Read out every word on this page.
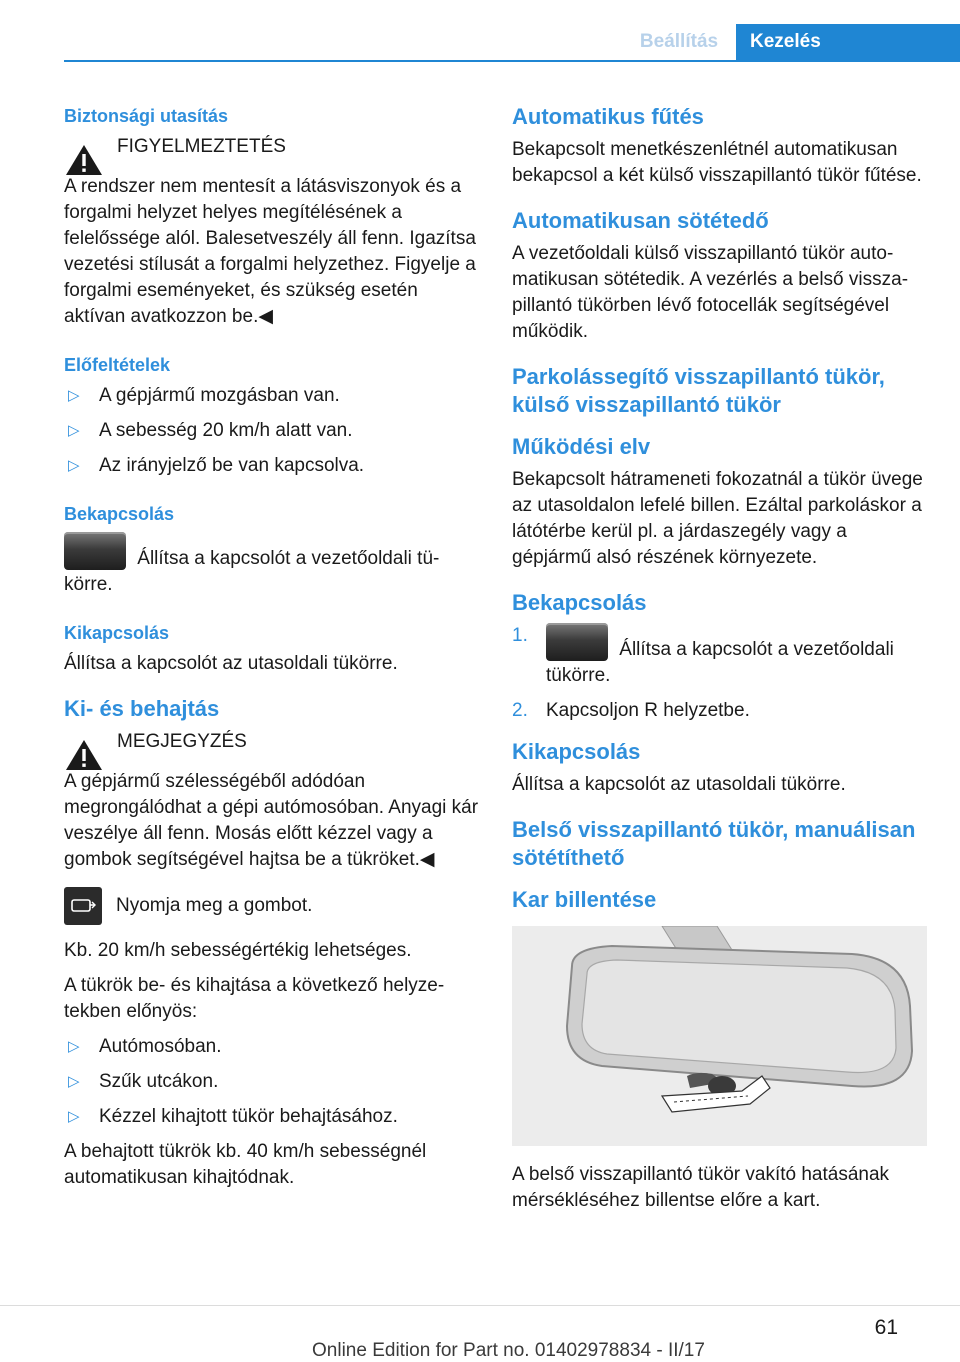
Beállítás	Kezelés
Biztonsági utasítás
FIGYELMEZTETÉS
A rendszer nem mentesít a látásviszonyok és a forgalmi helyzet helyes megítélésének a felelőssége alól. Balesetveszély áll fenn. Igazítsa vezetési stílusát a forgalmi helyzethez. Figyelje a forgalmi eseményeket, és szükség esetén aktívan avatkozzon be.◀
Előfeltételek
▷ A gépjármű mozgásban van.
▷ A sebesség 20 km/h alatt van.
▷ Az irányjelző be van kapcsolva.
Bekapcsolás
Állítsa a kapcsolót a vezetőoldali tükörre.
Kikapcsolás
Állítsa a kapcsolót az utasoldali tükörre.
Ki- és behajtás
MEGJEGYZÉS
A gépjármű szélességéből adódóan megrongálódhat a gépi autómosóban. Anyagi kár veszélye áll fenn. Mosás előtt kézzel vagy a gombok segítségével hajtsa be a tükröket.◀
Nyomja meg a gombot.
Kb. 20 km/h sebességértékig lehetséges.
A tükrök be- és kihajtása a következő helyzetekben előnyös:
▷ Autómosóban.
▷ Szűk utcákon.
▷ Kézzel kihajtott tükör behajtásához.
A behajtott tükrök kb. 40 km/h sebességnél automatikusan kihajtódnak.
Automatikus fűtés
Bekapcsolt menetkészenlétnél automatikusan bekapcsol a két külső visszapillantó tükör fűtése.
Automatikusan sötétedő
A vezetőoldali külső visszapillantó tükör automatikusan sötétedik. A vezérlés a belső visszapillantó tükörben lévő fotocellák segítségével működik.
Parkolássegítő visszapillantó tükör, külső visszapillantó tükör
Működési elv
Bekapcsolt hátrameneti fokozatnál a tükör üvege az utasoldalon lefelé billen. Ezáltal parkoláskor a látótérbe kerül pl. a járdaszegély vagy a gépjármű alsó részének környezete.
Bekapcsolás
1.
Állítsa a kapcsolót a vezetőoldali tükörre.
2. Kapcsoljon R helyzetbe.
Kikapcsolás
Állítsa a kapcsolót az utasoldali tükörre.
Belső visszapillantó tükör, manuálisan sötétíthető
Kar billentése
A belső visszapillantó tükör vakító hatásának mérsékléséhez billentse előre a kart.
61
Online Edition for Part no. 01402978834 - II/17
